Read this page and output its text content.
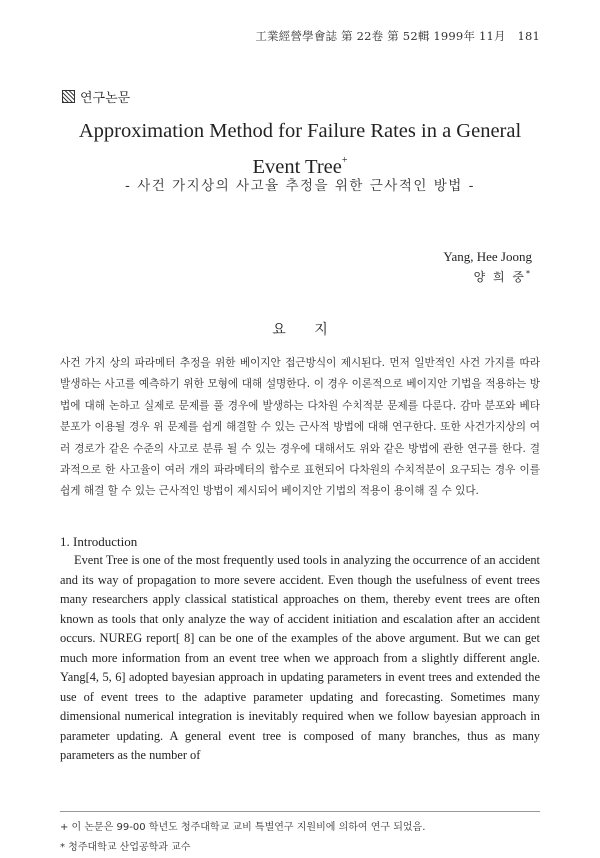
工業經營學會誌 第 22卷 第 52輯 1999年 11月　181
연구논문
Approximation Method for Failure Rates in a General
Event Tree+
- 사건 가지상의 사고율 추정을 위한 근사적인 방법 -
Yang, Hee Joong
양 희 중*
요 지
사건 가지 상의 파라메터 추정을 위한 베이지안 접근방식이 제시된다. 먼저 일반적인 사건 가지를 따라 발생하는 사고를 예측하기 위한 모형에 대해 설명한다. 이 경우 이론적으로 베이지안 기법을 적용하는 방법에 대해 논하고 실제로 문제를 풀 경우에 발생하는 다차원 수치적분 문제를 다룬다. 감마 분포와 베타분포가 이용될 경우 위 문제를 쉽게 해결할 수 있는 근사적 방법에 대해 연구한다. 또한 사건가지상의 여러 경로가 같은 수준의 사고로 분류 될 수 있는 경우에 대해서도 위와 같은 방법에 관한 연구를 한다. 결과적으로 한 사고율이 여러 개의 파라메터의 함수로 표현되어 다차원의 수치적분이 요구되는 경우 이를 쉽게 해결 할 수 있는 근사적인 방법이 제시되어 베이지안 기법의 적용이 용이해 질 수 있다.
1. Introduction
Event Tree is one of the most frequently used tools in analyzing the occurrence of an accident and its way of propagation to more severe accident. Even though the usefulness of event trees many researchers apply classical statistical approaches on them, thereby event trees are often known as tools that only analyze the way of accident initiation and escalation after an accident occurs. NUREG report[ 8] can be one of the examples of the above argument. But we can get much more information from an event tree when we approach from a slightly different angle. Yang[4, 5, 6] adopted bayesian approach in updating parameters in event trees and extended the use of event trees to the adaptive parameter updating and forecasting. Sometimes many dimensional numerical integration is inevitably required when we follow bayesian approach in parameter updating. A general event tree is composed of many branches, thus as many parameters as the number of
+ 이 논문은 99-00 학년도 청주대학교 교비 특별연구 지원비에 의하여 연구 되었음.
* 청주대학교 산업공학과 교수
